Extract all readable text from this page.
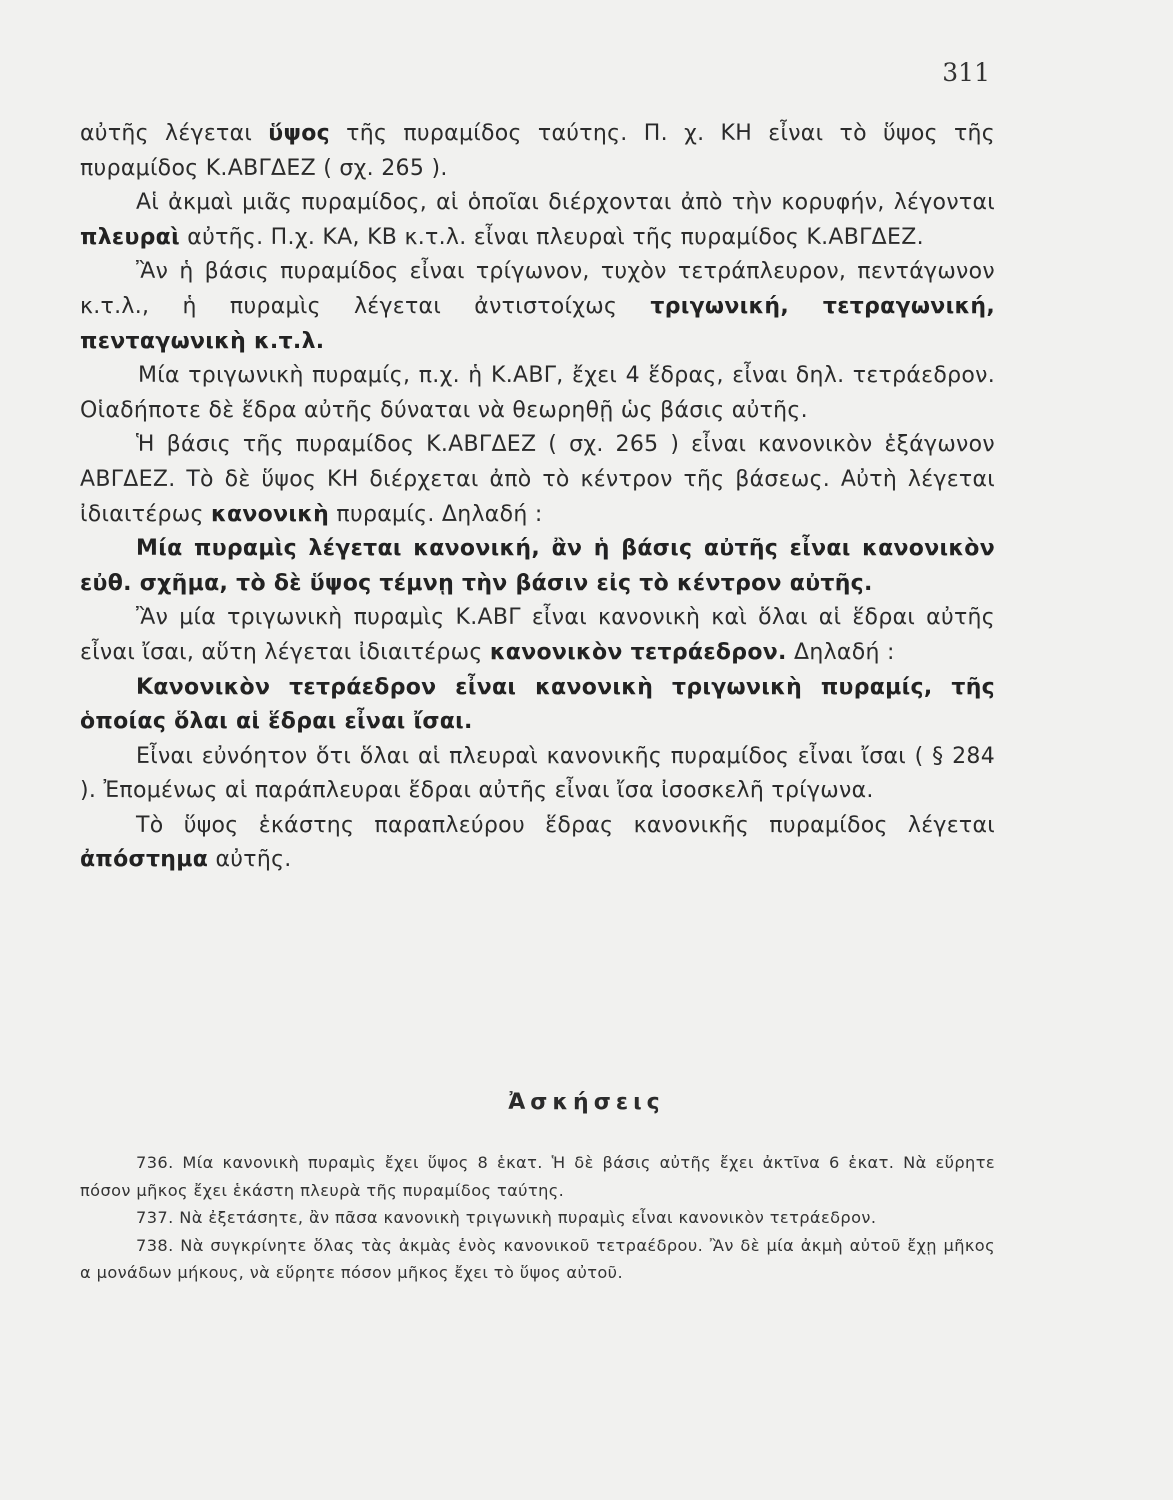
311

αὐτῆς λέγεται ὕψος τῆς πυραμίδος ταύτης. Π. χ. ΚΗ εἶναι τὸ ὕψος τῆς πυραμίδος Κ.ΑΒΓΔΕΖ ( σχ. 265 ).

Αἱ ἀκμαὶ μιᾶς πυραμίδος, αἱ ὁποῖαι διέρχονται ἀπὸ τὴν κορυφήν, λέγονται πλευραὶ αὐτῆς. Π.χ. ΚΑ, ΚΒ κ.τ.λ. εἶναι πλευραὶ τῆς πυραμίδος Κ.ΑΒΓΔΕΖ.

Ἂν ἡ βάσις πυραμίδος εἶναι τρίγωνον, τυχὸν τετράπλευρον, πεντάγωνον κ.τ.λ., ἡ πυραμὶς λέγεται ἀντιστοίχως τριγωνική, τετραγωνική, πενταγωνικὴ κ.τ.λ.

Μία τριγωνικὴ πυραμίς, π.χ. ἡ Κ.ΑΒΓ, ἔχει 4 ἕδρας, εἶναι δηλ. τετράεδρον. Οἱαδήποτε δὲ ἕδρα αὐτῆς δύναται νὰ θεωρηθῇ ὡς βάσις αὐτῆς.

Ἡ βάσις τῆς πυραμίδος Κ.ΑΒΓΔΕΖ ( σχ. 265 ) εἶναι κανονικὸν ἑξάγωνον ΑΒΓΔΕΖ. Τὸ δὲ ὕψος ΚΗ διέρχεται ἀπὸ τὸ κέντρον τῆς βάσεως. Αὐτὴ λέγεται ἰδιαιτέρως κανονικὴ πυραμίς. Δηλαδή :

Μία πυραμὶς λέγεται κανονική, ἂν ἡ βάσις αὐτῆς εἶναι κανονικὸν εὐθ. σχῆμα, τὸ δὲ ὕψος τέμνῃ τὴν βάσιν εἰς τὸ κέντρον αὐτῆς.

Ἂν μία τριγωνικὴ πυραμὶς Κ.ΑΒΓ εἶναι κανονικὴ καὶ ὅλαι αἱ ἕδραι αὐτῆς εἶναι ἴσαι, αὕτη λέγεται ἰδιαιτέρως κανονικὸν τετράεδρον. Δηλαδή :

Κανονικὸν τετράεδρον εἶναι κανονικὴ τριγωνικὴ πυραμίς, τῆς ὁποίας ὅλαι αἱ ἕδραι εἶναι ἴσαι.

Εἶναι εὐνόητον ὅτι ὅλαι αἱ πλευραὶ κανονικῆς πυραμίδος εἶναι ἴσαι ( § 284 ). Ἐπομένως αἱ παράπλευραι ἕδραι αὐτῆς εἶναι ἴσα ἰσοσκελῆ τρίγωνα.

Τὸ ὕψος ἑκάστης παραπλεύρου ἕδρας κανονικῆς πυραμίδος λέγεται ἀπόστημα αὐτῆς.

Ἀσκήσεις

736. Μία κανονικὴ πυραμὶς ἔχει ὕψος 8 ἑκατ. Ἡ δὲ βάσις αὐτῆς ἔχει ἀκτῖνα 6 ἑκατ. Νὰ εὕρητε πόσον μῆκος ἔχει ἑκάστη πλευρὰ τῆς πυραμίδος ταύτης.

737. Νὰ ἐξετάσητε, ἂν πᾶσα κανονικὴ τριγωνικὴ πυραμὶς εἶναι κανονικὸν τετράεδρον.

738. Νὰ συγκρίνητε ὅλας τὰς ἀκμὰς ἑνὸς κανονικοῦ τετραέδρου. Ἂν δὲ μία ἀκμὴ αὐτοῦ ἔχῃ μῆκος α μονάδων μήκους, νὰ εὕρητε πόσον μῆκος ἔχει τὸ ὕψος αὐτοῦ.
